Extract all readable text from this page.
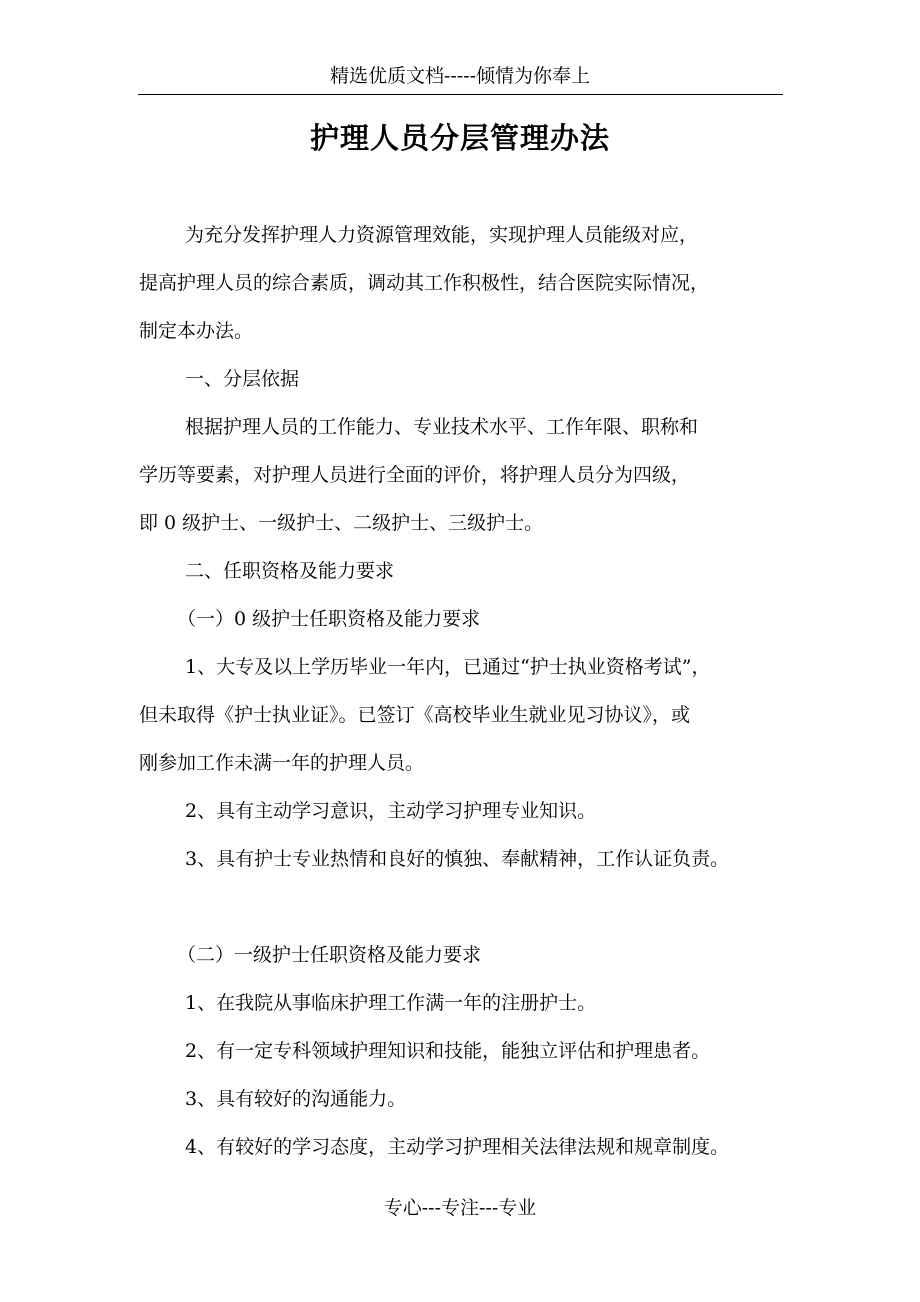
精选优质文档-----倾情为你奉上
护理人员分层管理办法
为充分发挥护理人力资源管理效能，实现护理人员能级对应，
提高护理人员的综合素质，调动其工作积极性，结合医院实际情况，
制定本办法。
一、分层依据
根据护理人员的工作能力、专业技术水平、工作年限、职称和
学历等要素，对护理人员进行全面的评价，将护理人员分为四级，
即 0 级护士、一级护士、二级护士、三级护士。
二、任职资格及能力要求
（一）0 级护士任职资格及能力要求
1、大专及以上学历毕业一年内，已通过“护士执业资格考试”，
但未取得《护士执业证》。已签订《高校毕业生就业见习协议》，或
刚参加工作未满一年的护理人员。
2、具有主动学习意识，主动学习护理专业知识。
3、具有护士专业热情和良好的慎独、奉献精神，工作认证负责。
（二）一级护士任职资格及能力要求
1、在我院从事临床护理工作满一年的注册护士。
2、有一定专科领域护理知识和技能，能独立评估和护理患者。
3、具有较好的沟通能力。
4、有较好的学习态度，主动学习护理相关法律法规和规章制度。
专心---专注---专业
